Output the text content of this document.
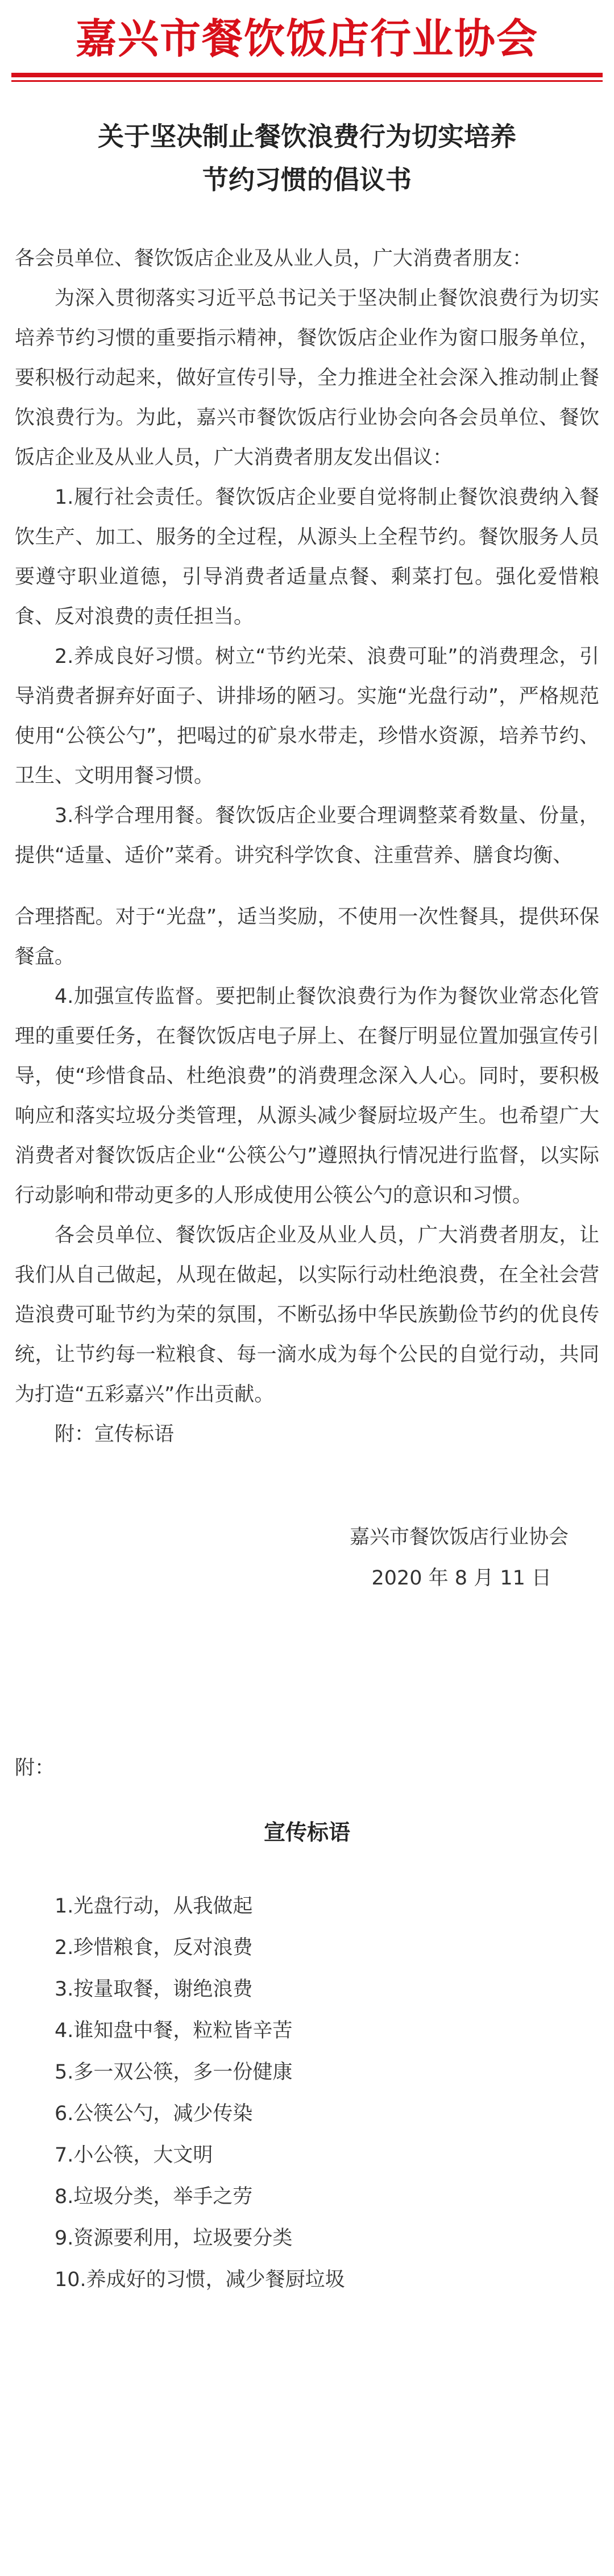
嘉兴市餐饮饭店行业协会
关于坚决制止餐饮浪费行为切实培养
节约习惯的倡议书

各会员单位、餐饮饭店企业及从业人员，广大消费者朋友：

为深入贯彻落实习近平总书记关于坚决制止餐饮浪费行为切实培养节约习惯的重要指示精神，餐饮饭店企业作为窗口服务单位，要积极行动起来，做好宣传引导，全力推进全社会深入推动制止餐饮浪费行为。为此，嘉兴市餐饮饭店行业协会向各会员单位、餐饮饭店企业及从业人员，广大消费者朋友发出倡议：

1.履行社会责任。餐饮饭店企业要自觉将制止餐饮浪费纳入餐饮生产、加工、服务的全过程，从源头上全程节约。餐饮服务人员要遵守职业道德，引导消费者适量点餐、剩菜打包。强化爱惜粮食、反对浪费的责任担当。

2.养成良好习惯。树立“节约光荣、浪费可耻”的消费理念，引导消费者摒弃好面子、讲排场的陋习。实施“光盘行动”，严格规范使用“公筷公勺”，把喝过的矿泉水带走，珍惜水资源，培养节约、卫生、文明用餐习惯。

3.科学合理用餐。餐饮饭店企业要合理调整菜肴数量、份量，提供“适量、适价”菜肴。讲究科学饮食、注重营养、膳食均衡、

合理搭配。对于“光盘”，适当奖励，不使用一次性餐具，提供环保餐盒。

4.加强宣传监督。要把制止餐饮浪费行为作为餐饮业常态化管理的重要任务，在餐饮饭店电子屏上、在餐厅明显位置加强宣传引导，使“珍惜食品、杜绝浪费”的消费理念深入人心。同时，要积极响应和落实垃圾分类管理，从源头减少餐厨垃圾产生。也希望广大消费者对餐饮饭店企业“公筷公勺”遵照执行情况进行监督，以实际行动影响和带动更多的人形成使用公筷公勺的意识和习惯。

各会员单位、餐饮饭店企业及从业人员，广大消费者朋友，让我们从自己做起，从现在做起，以实际行动杜绝浪费，在全社会营造浪费可耻节约为荣的氛围，不断弘扬中华民族勤俭节约的优良传统，让节约每一粒粮食、每一滴水成为每个公民的自觉行动，共同为打造“五彩嘉兴”作出贡献。

附：宣传标语

嘉兴市餐饮饭店行业协会
2020 年 8 月 11 日
附：
宣传标语
1.光盘行动，从我做起
2.珍惜粮食，反对浪费
3.按量取餐，谢绝浪费
4.谁知盘中餐，粒粒皆辛苦
5.多一双公筷，多一份健康
6.公筷公勺，减少传染
7.小公筷，大文明
8.垃圾分类，举手之劳
9.资源要利用，垃圾要分类
10.养成好的习惯，减少餐厨垃圾
